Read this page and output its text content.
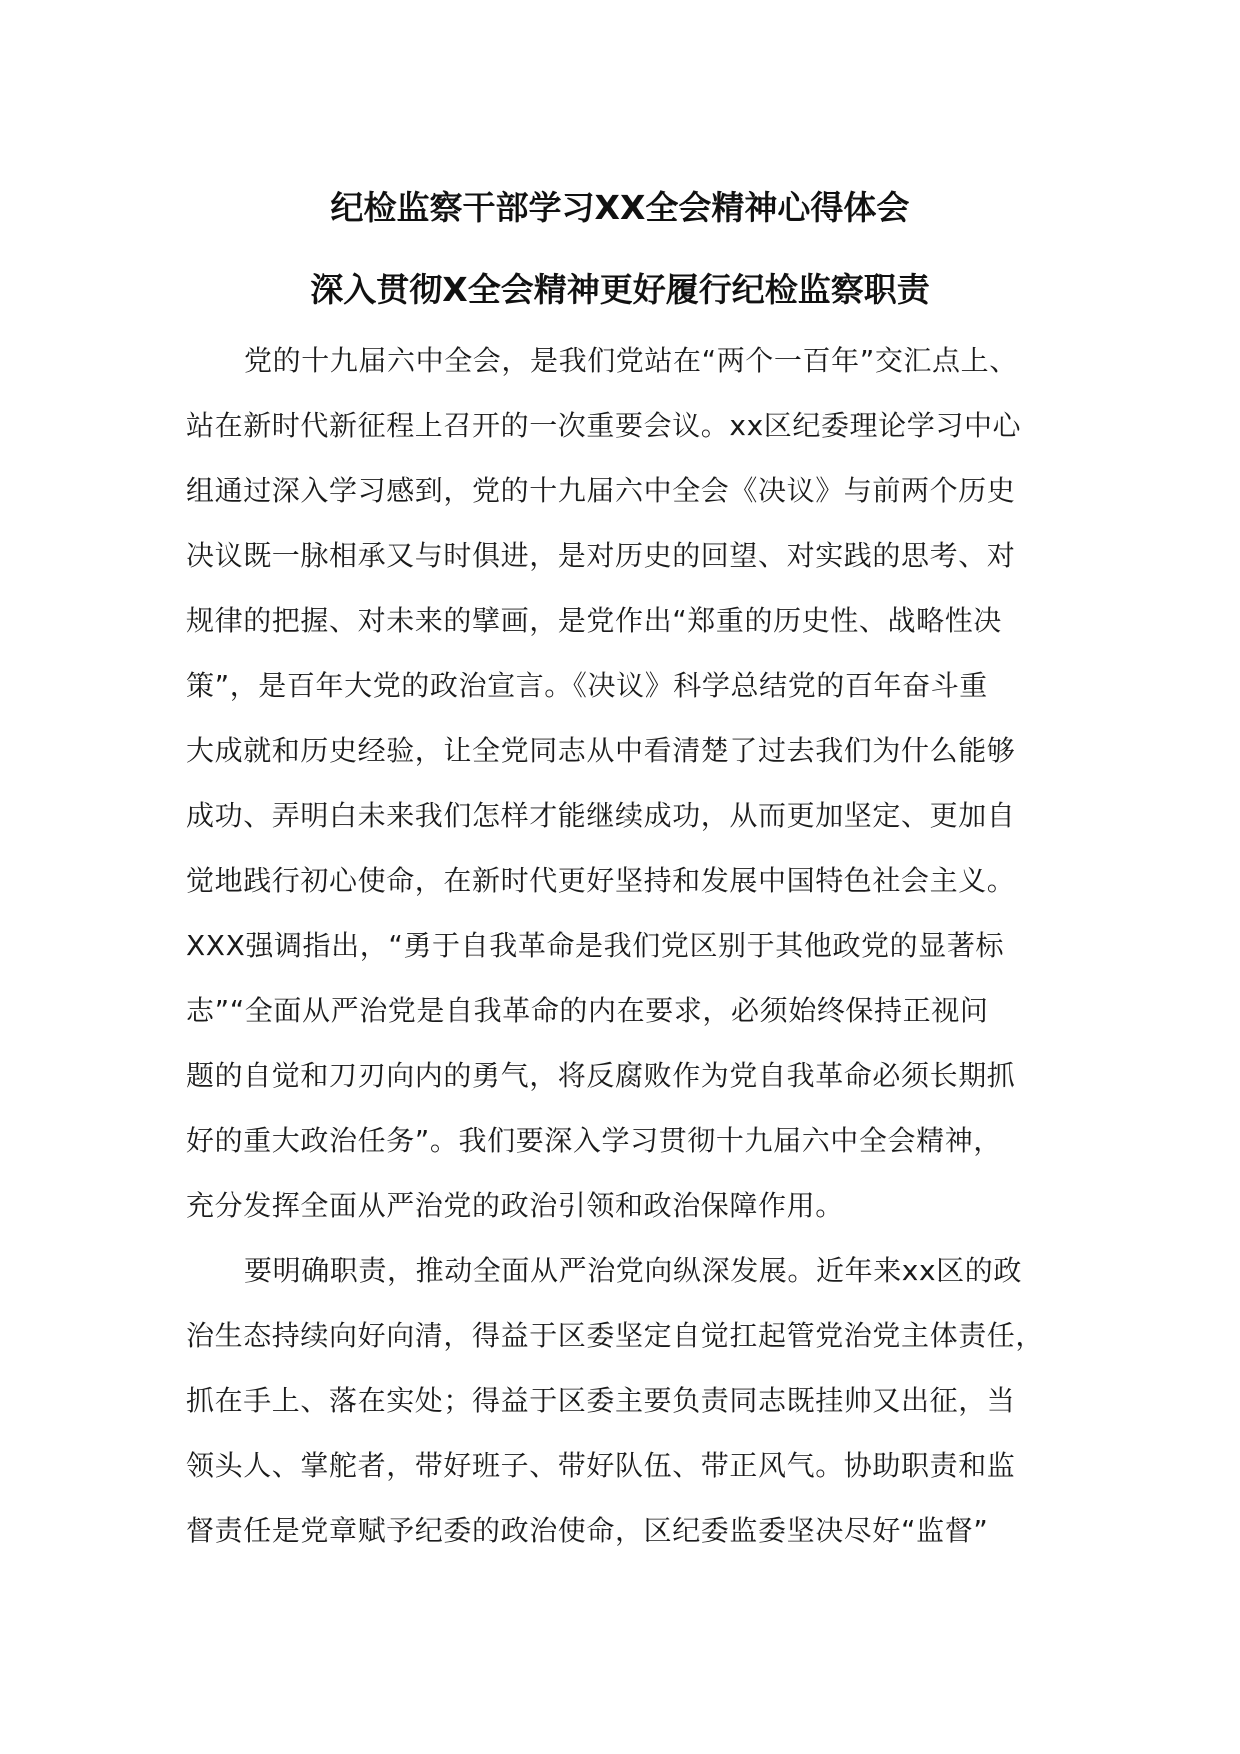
纪检监察干部学习XX全会精神心得体会
深入贯彻X全会精神更好履行纪检监察职责
党的十九届六中全会，是我们党站在“两个一百年”交汇点上、
站在新时代新征程上召开的一次重要会议。xx区纪委理论学习中心
组通过深入学习感到，党的十九届六中全会《决议》与前两个历史
决议既一脉相承又与时俱进，是对历史的回望、对实践的思考、对
规律的把握、对未来的擘画，是党作出“郑重的历史性、战略性决
策”，是百年大党的政治宣言。《决议》科学总结党的百年奋斗重
大成就和历史经验，让全党同志从中看清楚了过去我们为什么能够
成功、弄明白未来我们怎样才能继续成功，从而更加坚定、更加自
觉地践行初心使命，在新时代更好坚持和发展中国特色社会主义。
XXX强调指出，“勇于自我革命是我们党区别于其他政党的显著标
志”“全面从严治党是自我革命的内在要求，必须始终保持正视问
题的自觉和刀刃向内的勇气，将反腐败作为党自我革命必须长期抓
好的重大政治任务”。我们要深入学习贯彻十九届六中全会精神，
充分发挥全面从严治党的政治引领和政治保障作用。
要明确职责，推动全面从严治党向纵深发展。近年来xx区的政
治生态持续向好向清，得益于区委坚定自觉扛起管党治党主体责任，
抓在手上、落在实处；得益于区委主要负责同志既挂帅又出征，当
领头人、掌舵者，带好班子、带好队伍、带正风气。协助职责和监
督责任是党章赋予纪委的政治使命，区纪委监委坚决尽好“监督”
